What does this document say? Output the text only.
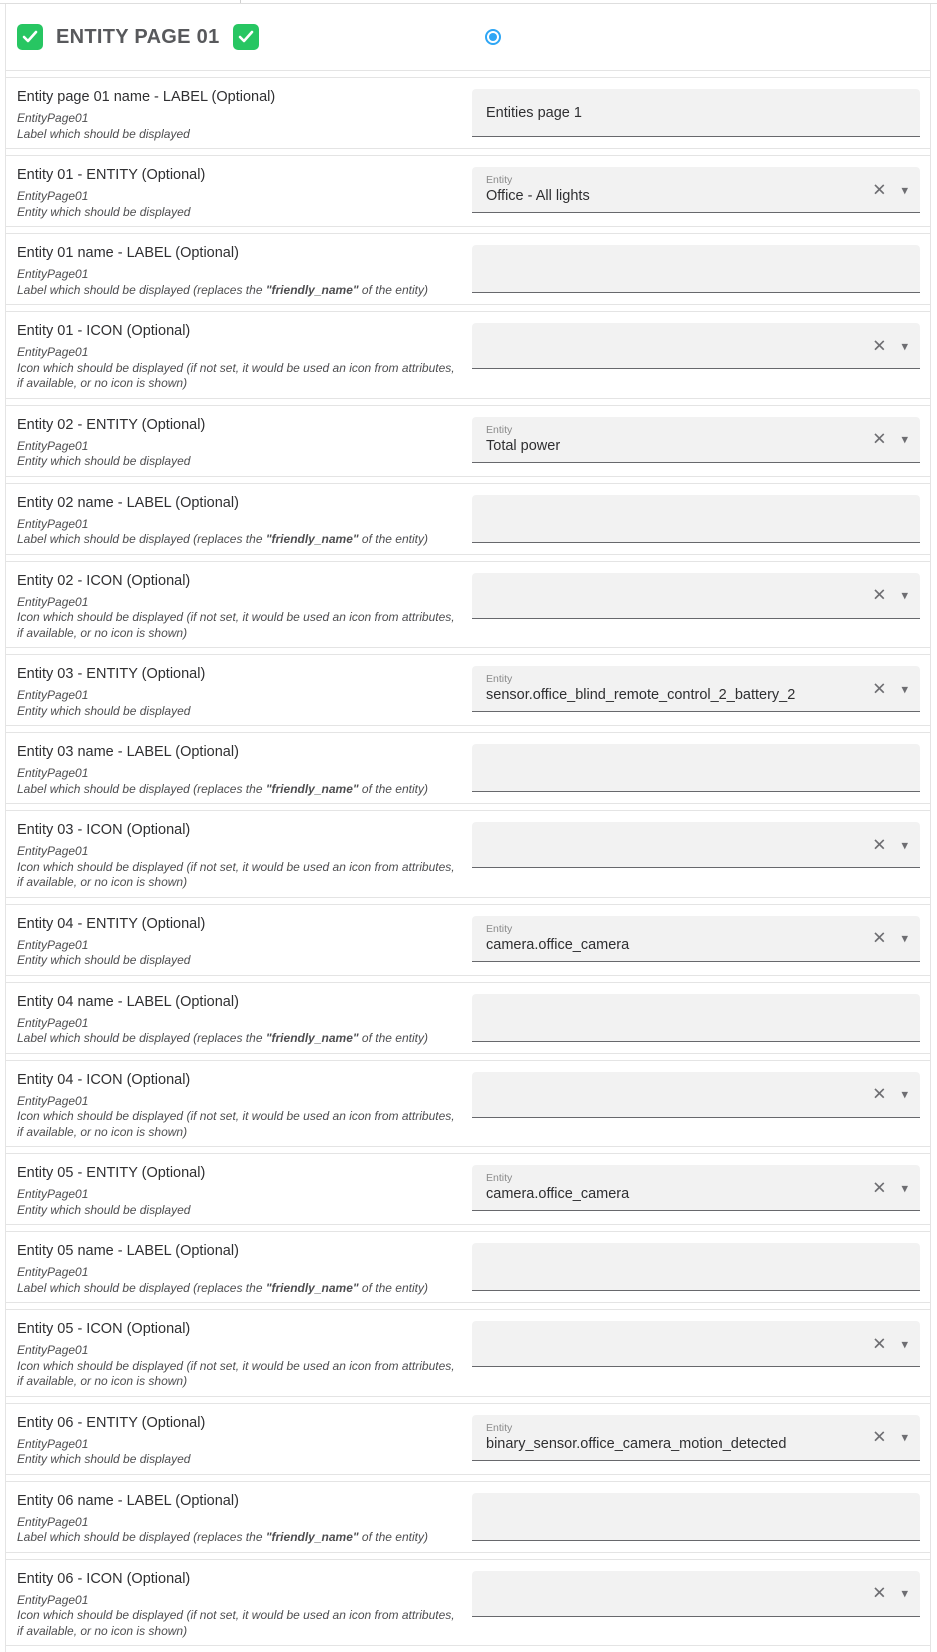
ENTITY PAGE 01
Entity page 01 name - LABEL (Optional)
EntityPage01
Label which should be displayed
Entities page 1
Entity 01 - ENTITY (Optional)
EntityPage01
Entity which should be displayed
Entity
Office - All lights	✕ ▾
Entity 01 name - LABEL (Optional)
EntityPage01
Label which should be displayed (replaces the "friendly_name" of the entity)
Entity 01 - ICON (Optional)
EntityPage01
Icon which should be displayed (if not set, it would be used an icon from attributes, if available, or no icon is shown)
✕ ▾
Entity 02 - ENTITY (Optional)
EntityPage01
Entity which should be displayed
Entity
Total power	✕ ▾
Entity 02 name - LABEL (Optional)
EntityPage01
Label which should be displayed (replaces the "friendly_name" of the entity)
Entity 02 - ICON (Optional)
EntityPage01
Icon which should be displayed (if not set, it would be used an icon from attributes, if available, or no icon is shown)
✕ ▾
Entity 03 - ENTITY (Optional)
EntityPage01
Entity which should be displayed
Entity
sensor.office_blind_remote_control_2_battery_2	✕ ▾
Entity 03 name - LABEL (Optional)
EntityPage01
Label which should be displayed (replaces the "friendly_name" of the entity)
Entity 03 - ICON (Optional)
EntityPage01
Icon which should be displayed (if not set, it would be used an icon from attributes, if available, or no icon is shown)
✕ ▾
Entity 04 - ENTITY (Optional)
EntityPage01
Entity which should be displayed
Entity
camera.office_camera	✕ ▾
Entity 04 name - LABEL (Optional)
EntityPage01
Label which should be displayed (replaces the "friendly_name" of the entity)
Entity 04 - ICON (Optional)
EntityPage01
Icon which should be displayed (if not set, it would be used an icon from attributes, if available, or no icon is shown)
✕ ▾
Entity 05 - ENTITY (Optional)
EntityPage01
Entity which should be displayed
Entity
camera.office_camera	✕ ▾
Entity 05 name - LABEL (Optional)
EntityPage01
Label which should be displayed (replaces the "friendly_name" of the entity)
Entity 05 - ICON (Optional)
EntityPage01
Icon which should be displayed (if not set, it would be used an icon from attributes, if available, or no icon is shown)
✕ ▾
Entity 06 - ENTITY (Optional)
EntityPage01
Entity which should be displayed
Entity
binary_sensor.office_camera_motion_detected	✕ ▾
Entity 06 name - LABEL (Optional)
EntityPage01
Label which should be displayed (replaces the "friendly_name" of the entity)
Entity 06 - ICON (Optional)
EntityPage01
Icon which should be displayed (if not set, it would be used an icon from attributes, if available, or no icon is shown)
✕ ▾
